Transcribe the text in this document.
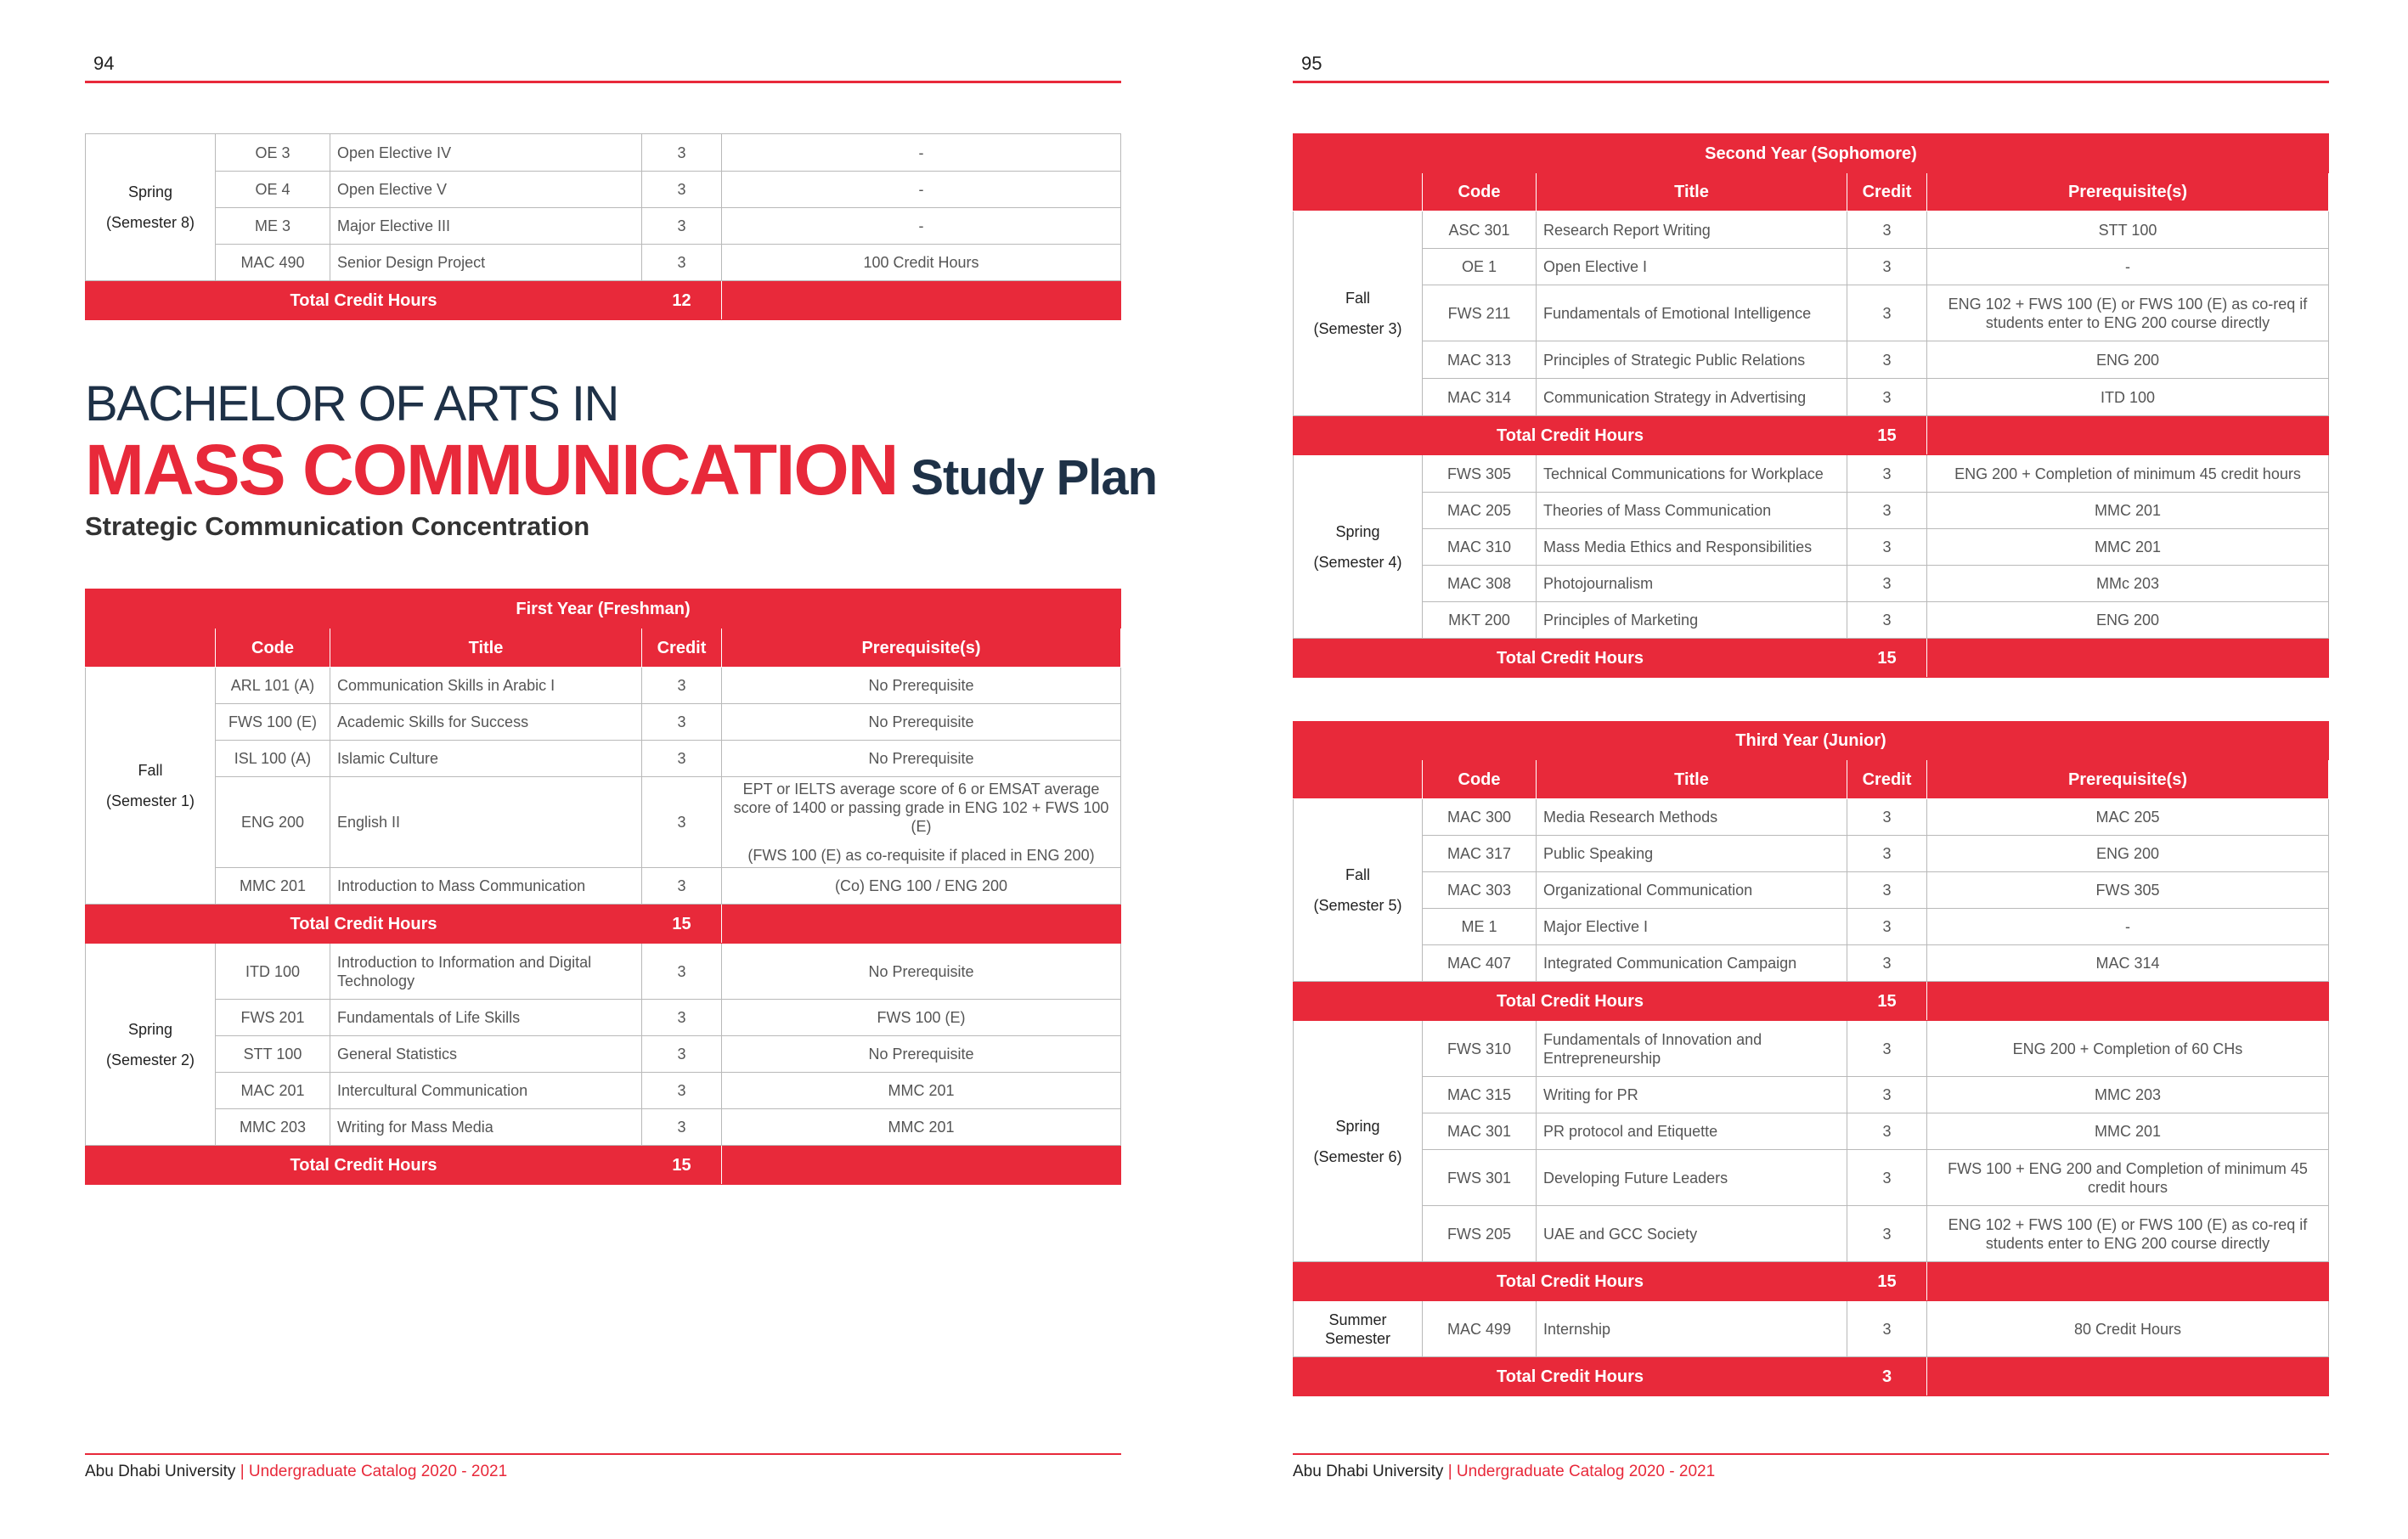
94
Spring
(Semester 8)	OE 3	Open Elective IV	3	-
	OE 4	Open Elective V	3	-
	ME 3	Major Elective III	3	-
	MAC 490	Senior Design Project	3	100 Credit Hours
Total Credit Hours			12	
BACHELOR OF ARTS IN
MASS COMMUNICATION Study Plan
Strategic Communication Concentration
First Year (Freshman)				
	Code	Title	Credit	Prerequisite(s)

Fall
(Semester 1)	ARL 101 (A)	Communication Skills in Arabic I	3	No Prerequisite
	FWS 100 (E)	Academic Skills for Success	3	No Prerequisite
	ISL 100 (A)	Islamic Culture	3	No Prerequisite
	ENG 200	English II	3	EPT or IELTS average score of 6 or EMSAT average score of 1400 or passing grade in ENG 102 + FWS 100 (E)
(FWS 100 (E) as co-requisite if placed in ENG 200)

	MMC 201	Introduction to Mass Communication	3	(Co) ENG 100 / ENG 200
Total Credit Hours			15	

Spring
(Semester 2)	ITD 100	Introduction to Information and Digital Technology	3	No Prerequisite
	FWS 201	Fundamentals of Life Skills	3	FWS 100 (E)
	STT 100	General Statistics	3	No Prerequisite
	MAC 201	Intercultural Communication	3	MMC 201
	MMC 203	Writing for Mass Media	3	MMC 201
Total Credit Hours			15	
Abu Dhabi University | Undergraduate Catalog 2020 - 2021
95
Second Year (Sophomore)				
	Code	Title	Credit	Prerequisite(s)

Fall
(Semester 3)	ASC 301	Research Report Writing	3	STT 100
	OE 1	Open Elective I	3	-
	FWS 211	Fundamentals of Emotional Intelligence	3	ENG 102 + FWS 100 (E) or FWS 100 (E) as co-req if students enter to ENG 200 course directly
	MAC 313	Principles of Strategic Public Relations	3	ENG 200
	MAC 314	Communication Strategy in Advertising	3	ITD 100
Total Credit Hours			15	

Spring
(Semester 4)	FWS 305	Technical Communications for Workplace	3	ENG 200 + Completion of minimum 45 credit hours
	MAC 205	Theories of Mass Communication	3	MMC 201
	MAC 310	Mass Media Ethics and Responsibilities	3	MMC 201
	MAC 308	Photojournalism	3	MMc 203
	MKT 200	Principles of Marketing	3	ENG 200
Total Credit Hours			15	
Third Year (Junior)				
	Code	Title	Credit	Prerequisite(s)

Fall
(Semester 5)	MAC 300	Media Research Methods	3	MAC 205
	MAC 317	Public Speaking	3	ENG 200
	MAC 303	Organizational Communication	3	FWS 305
	ME 1	Major Elective I	3	-
	MAC 407	Integrated Communication Campaign	3	MAC 314
Total Credit Hours			15	

Spring
(Semester 6)	FWS 310	Fundamentals of Innovation and Entrepreneurship	3	ENG 200 + Completion of 60 CHs
	MAC 315	Writing for PR	3	MMC 203
	MAC 301	PR protocol and Etiquette	3	MMC 201
	FWS 301	Developing Future Leaders	3	FWS 100 + ENG 200 and Completion of minimum 45 credit hours
	FWS 205	UAE and GCC Society	3	ENG 102 + FWS 100 (E) or FWS 100 (E) as co-req if students enter to ENG 200 course directly
Total Credit Hours			15	
Summer Semester	MAC 499	Internship	3	80 Credit Hours
Total Credit Hours			3	
Abu Dhabi University | Undergraduate Catalog 2020 - 2021
